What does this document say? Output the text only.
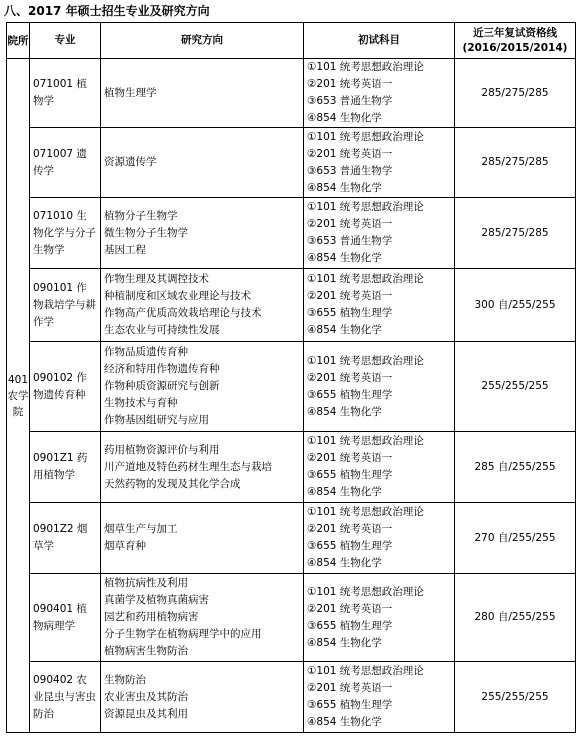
八、2017 年硕士招生专业及研究方向
院所	专业	研究方向	初试科目	近三年复试资格线
(2016/2015/2014)

401 农学院	071001 植物学	植物生理学	①101 统考思想政治理论
②201 统考英语一
③653 普通生物学
④854 生物化学	285/275/285

	071007 遗传学	资源遗传学	①101 统考思想政治理论
②201 统考英语一
③653 普通生物学
④854 生物化学	285/275/285

	071010 生物化学与分子生物学	植物分子生物学
微生物分子生物学
基因工程	①101 统考思想政治理论
②201 统考英语一
③653 普通生物学
④854 生物化学	285/275/285

	090101 作物栽培学与耕作学	作物生理及其调控技术
种植制度和区域农业理论与技术
作物高产优质高效栽培理论与技术
生态农业与可持续性发展	①101 统考思想政治理论
②201 统考英语一
③655 植物生理学
④854 生物化学	300 自/255/255

	090102 作物遗传育种	作物品质遗传育种
经济和特用作物遗传育种
作物种质资源研究与创新
生物技术与育种
作物基因组研究与应用	①101 统考思想政治理论
②201 统考英语一
③655 植物生理学
④854 生物化学	255/255/255

	0901Z1 药用植物学	药用植物资源评价与利用
川产道地及特色药材生理生态与栽培
天然药物的发现及其化学合成	①101 统考思想政治理论
②201 统考英语一
③655 植物生理学
④854 生物化学	285 自/255/255

	0901Z2 烟草学	烟草生产与加工
烟草育种	①101 统考思想政治理论
②201 统考英语一
③655 植物生理学
④854 生物化学	270 自/255/255

	090401 植物病理学	植物抗病性及利用
真菌学及植物真菌病害
园艺和药用植物病害
分子生物学在植物病理学中的应用
植物病害生物防治	①101 统考思想政治理论
②201 统考英语一
③655 植物生理学
④854 生物化学	280 自/255/255

	090402 农业昆虫与害虫防治	生物防治
农业害虫及其防治
资源昆虫及其利用	①101 统考思想政治理论
②201 统考英语一
③655 植物生理学
④854 生物化学	255/255/255
